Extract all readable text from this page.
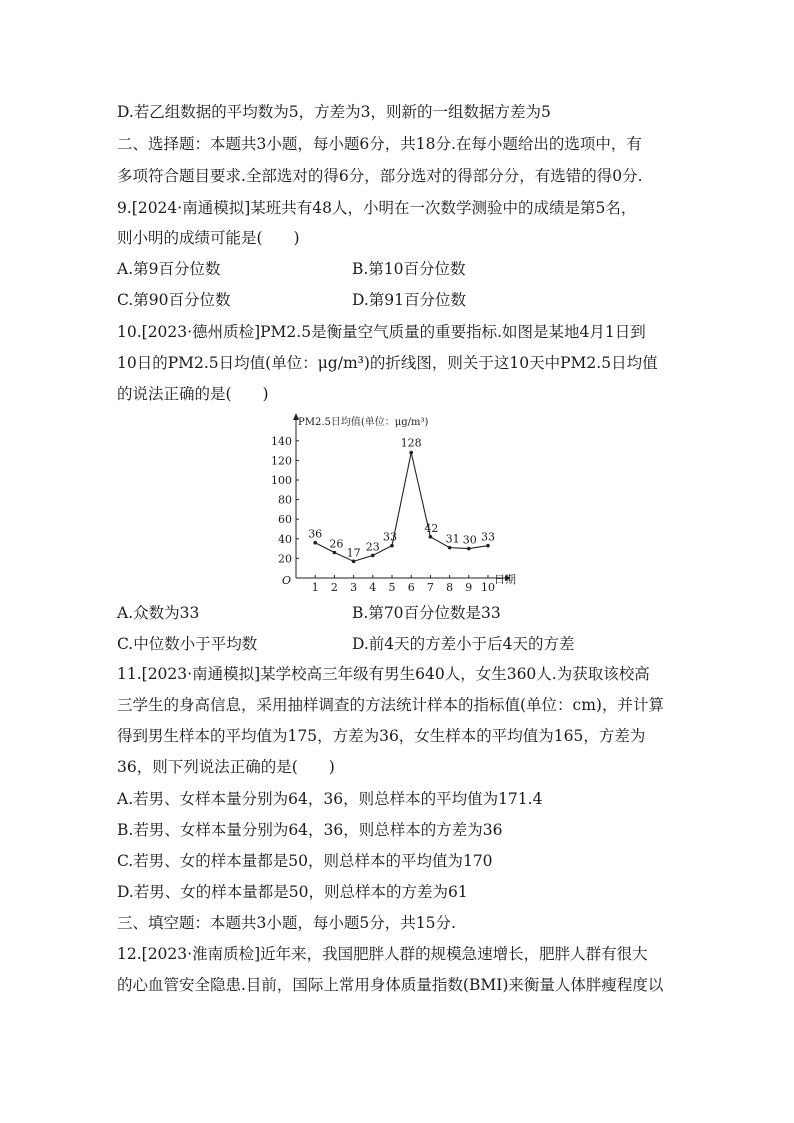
D.若乙组数据的平均数为5，方差为3，则新的一组数据方差为5
二、选择题：本题共3小题，每小题6分，共18分.在每小题给出的选项中，有
多项符合题目要求.全部选对的得6分，部分选对的得部分分，有选错的得0分.
9.[2024·南通模拟]某班共有48人，小明在一次数学测验中的成绩是第5名，
则小明的成绩可能是(　　)
A.第9百分位数	B.第10百分位数
C.第90百分位数	D.第91百分位数
10.[2023·德州质检]PM2.5是衡量空气质量的重要指标.如图是某地4月1日到
10日的PM2.5日均值(单位：μg/m³)的折线图，则关于这10天中PM2.5日均值
的说法正确的是(　　)
O
PM2.5日均值(单位：μg/m³)
日期
20
40
60
80
100
120
140
1 2 3 4 5 6 7 8 9 10
36
26
17 23
33
128
42
31 30 33
A.众数为33	B.第70百分位数是33
C.中位数小于平均数	D.前4天的方差小于后4天的方差
11.[2023·南通模拟]某学校高三年级有男生640人，女生360人.为获取该校高
三学生的身高信息，采用抽样调查的方法统计样本的指标值(单位：cm)，并计算
得到男生样本的平均值为175，方差为36，女生样本的平均值为165，方差为
36，则下列说法正确的是(　　)
A.若男、女样本量分别为64，36，则总样本的平均值为171.4
B.若男、女样本量分别为64，36，则总样本的方差为36
C.若男、女的样本量都是50，则总样本的平均值为170
D.若男、女的样本量都是50，则总样本的方差为61
三、填空题：本题共3小题，每小题5分，共15分.
12.[2023·淮南质检]近年来，我国肥胖人群的规模急速增长，肥胖人群有很大
的心血管安全隐患.目前，国际上常用身体质量指数(BMI)来衡量人体胖瘦程度以
